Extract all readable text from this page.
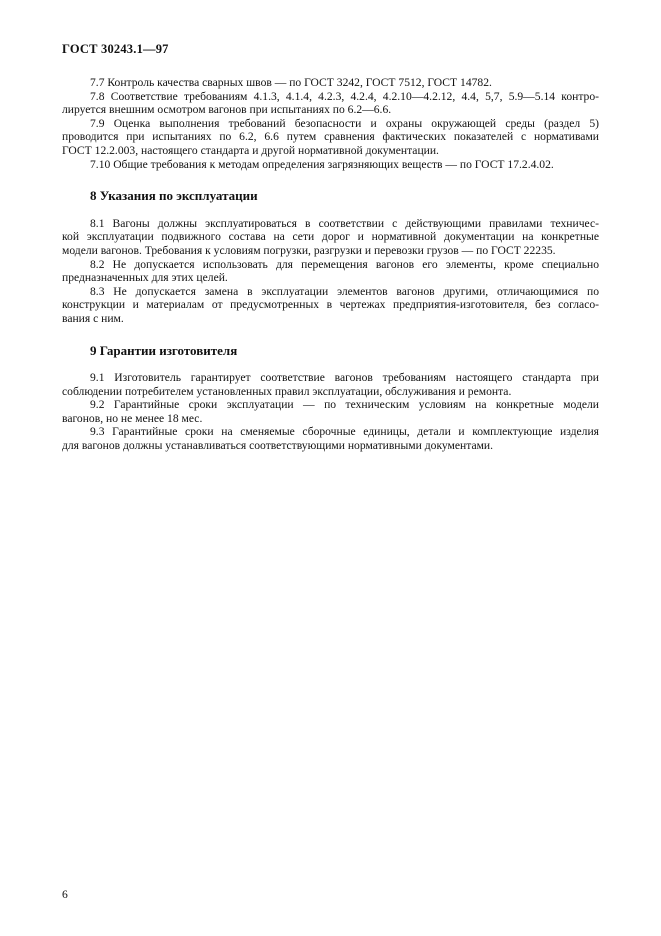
ГОСТ 30243.1—97
7.7 Контроль качества сварных швов — по ГОСТ 3242, ГОСТ 7512, ГОСТ 14782.
7.8 Соответствие требованиям 4.1.3, 4.1.4, 4.2.3, 4.2.4, 4.2.10—4.2.12, 4.4, 5,7, 5.9—5.14 контро-
лируется внешним осмотром вагонов при испытаниях по 6.2—6.6.
7.9 Оценка выполнения требований безопасности и охраны окружающей среды (раздел 5)
проводится при испытаниях по 6.2, 6.6 путем сравнения фактических показателей с нормативами
ГОСТ 12.2.003, настоящего стандарта и другой нормативной документации.
7.10 Общие требования к методам определения загрязняющих веществ — по ГОСТ 17.2.4.02.
8 Указания по эксплуатации
8.1 Вагоны должны эксплуатироваться в соответствии с действующими правилами техничес-
кой эксплуатации подвижного состава на сети дорог и нормативной документации на конкретные
модели вагонов. Требования к условиям погрузки, разгрузки и перевозки грузов — по ГОСТ 22235.
8.2 Не допускается использовать для перемещения вагонов его элементы, кроме специально
предназначенных для этих целей.
8.3 Не допускается замена в эксплуатации элементов вагонов другими, отличающимися по
конструкции и материалам от предусмотренных в чертежах предприятия-изготовителя, без согласо-
вания с ним.
9 Гарантии изготовителя
9.1 Изготовитель гарантирует соответствие вагонов требованиям настоящего стандарта при
соблюдении потребителем установленных правил эксплуатации, обслуживания и ремонта.
9.2 Гарантийные сроки эксплуатации — по техническим условиям на конкретные модели
вагонов, но не менее 18 мес.
9.3 Гарантийные сроки на сменяемые сборочные единицы, детали и комплектующие изделия
для вагонов должны устанавливаться соответствующими нормативными документами.
6
